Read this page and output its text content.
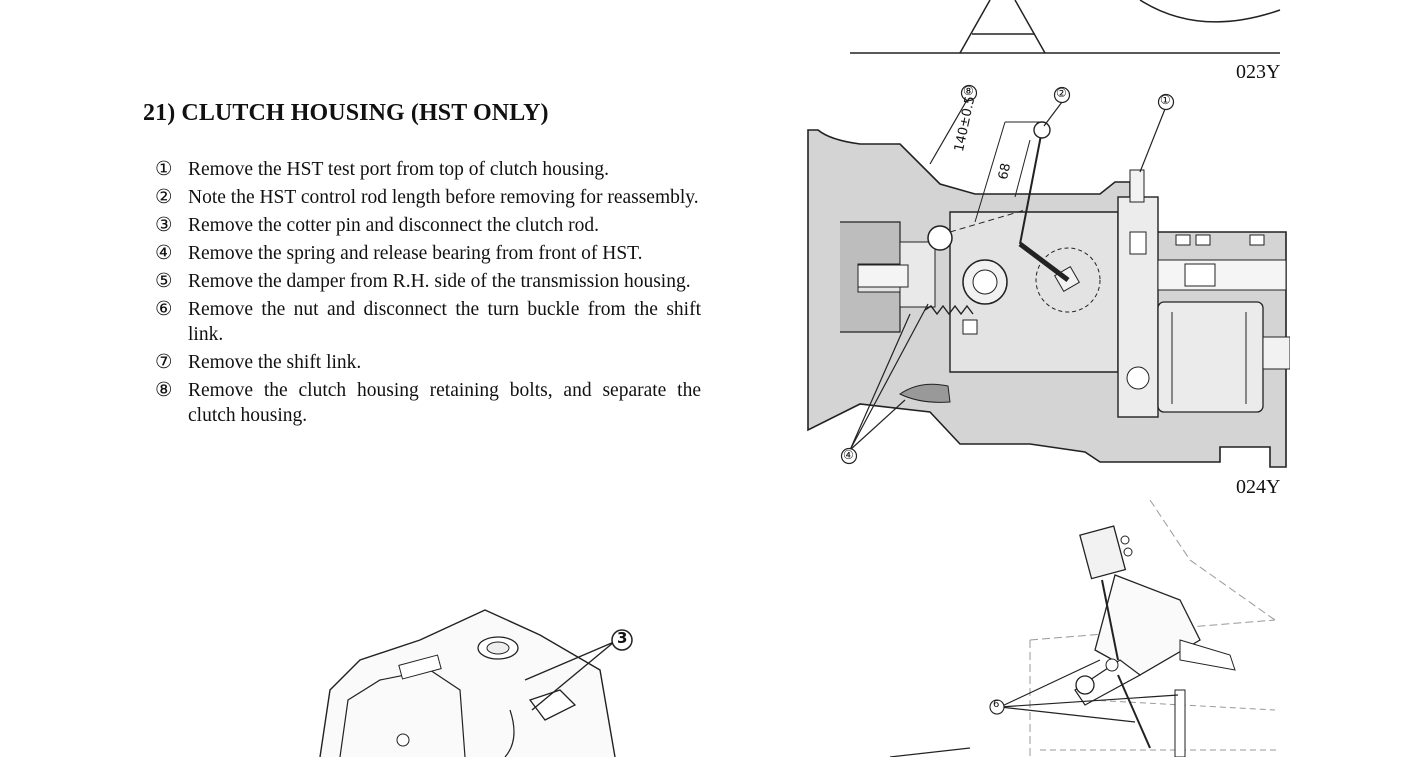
21) CLUTCH HOUSING (HST ONLY)
① Remove the HST test port from top of clutch housing.
② Note the HST control rod length before removing for reassembly.
③ Remove the cotter pin and disconnect the clutch rod.
④ Remove the spring and release bearing from front of HST.
⑤ Remove the damper from R.H. side of the transmission housing.
⑥ Remove the nut and disconnect the turn buckle from the shift link.
⑦ Remove the shift link.
⑧ Remove the clutch housing retaining bolts, and separate the clutch housing.
023Y
⑧	②	①
④
140±0.5
68
024Y
3
6
